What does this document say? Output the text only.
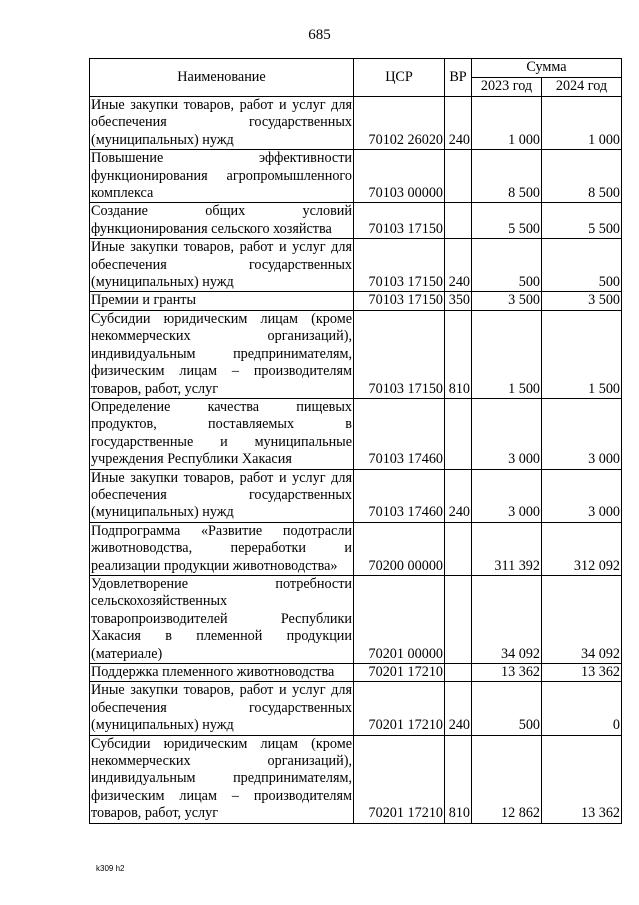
685
Наименование	ЦСР	ВР	Сумма	
			2023 год	2024 год
Иные закупки товаров, работ и услуг для обеспечения государственных (муниципальных) нужд	70102 26020	240	1 000	1 000
Повышение эффективности функционирования агропромышленного комплекса	70103 00000		8 500	8 500
Создание общих условий функционирования сельского хозяйства	70103 17150		5 500	5 500
Иные закупки товаров, работ и услуг для обеспечения государственных (муниципальных) нужд	70103 17150	240	500	500
Премии и гранты	70103 17150	350	3 500	3 500
Субсидии юридическим лицам (кроме некоммерческих организаций), индивидуальным предпринимателям, физическим лицам – производителям товаров, работ, услуг	70103 17150	810	1 500	1 500
Определение качества пищевых продуктов, поставляемых в государственные и муниципальные учреждения Республики Хакасия	70103 17460		3 000	3 000
Иные закупки товаров, работ и услуг для обеспечения государственных (муниципальных) нужд	70103 17460	240	3 000	3 000
Подпрограмма «Развитие подотрасли животноводства, переработки и реализации продукции животноводства»	70200 00000		311 392	312 092
Удовлетворение потребности сельскохозяйственных товаропроизводителей Республики Хакасия в племенной продукции (материале)	70201 00000		34 092	34 092
Поддержка племенного животноводства	70201 17210		13 362	13 362
Иные закупки товаров, работ и услуг для обеспечения государственных (муниципальных) нужд	70201 17210	240	500	0
Субсидии юридическим лицам (кроме некоммерческих организаций), индивидуальным предпринимателям, физическим лицам – производителям товаров, работ, услуг	70201 17210	810	12 862	13 362
k309 h2
